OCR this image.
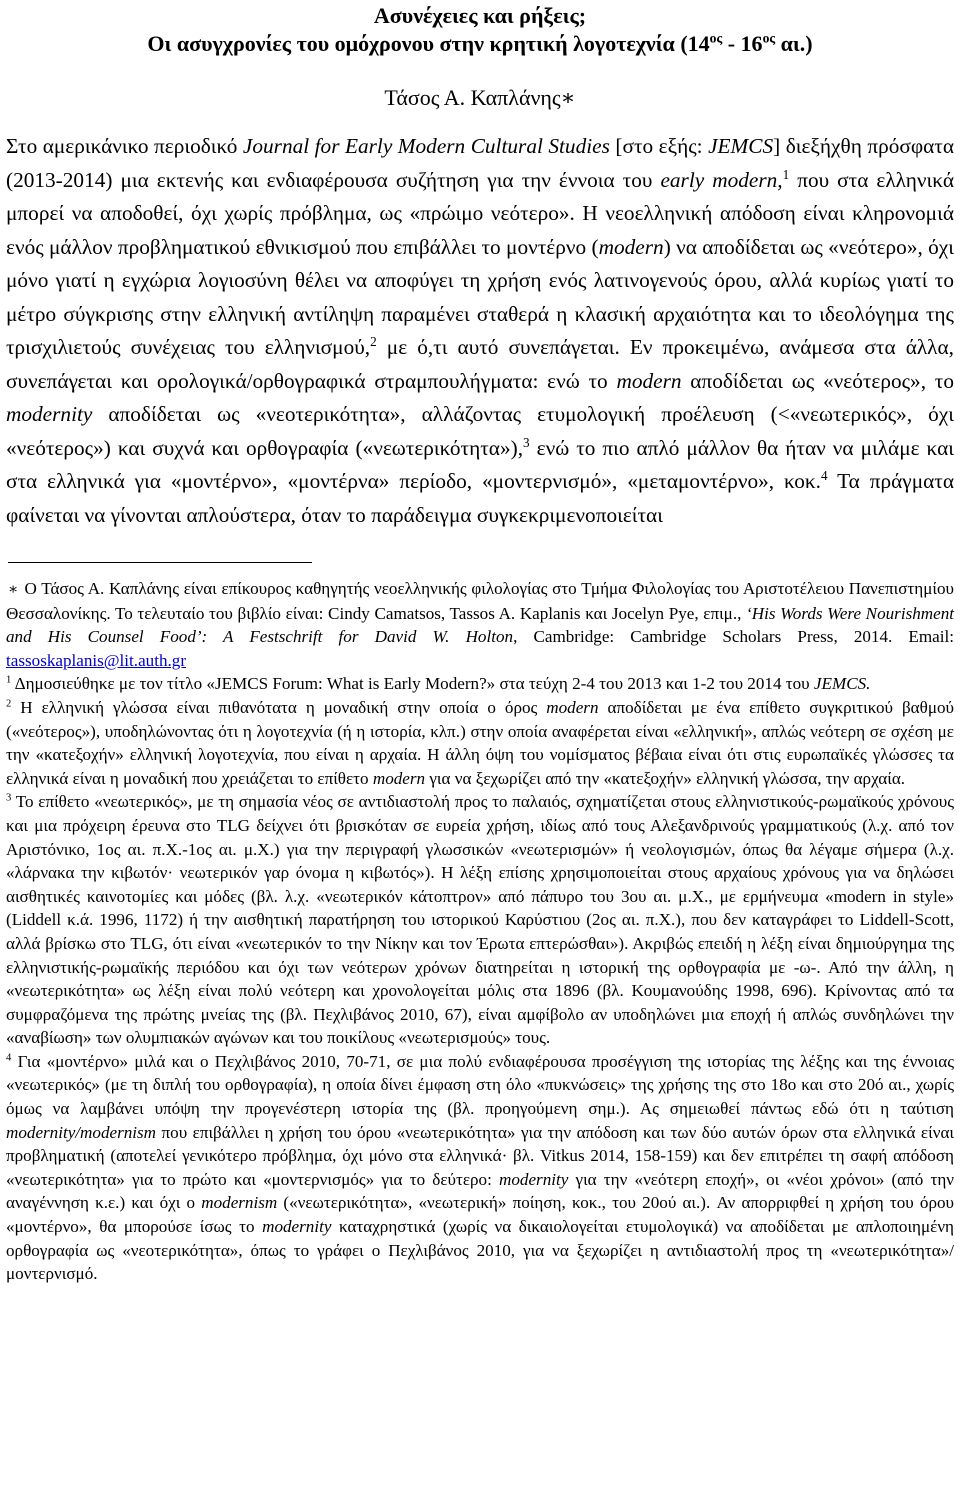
Ασυνέχειες και ρήξεις;
Οι ασυγχρονίες του ομόχρονου στην κρητική λογοτεχνία ($14^{o\varsigma} - 16^{o\varsigma}$ αι.)
Τάσος Α. Καπλάνης∗
Στο αμερικάνικο περιοδικό Journal for Early Modern Cultural Studies [στο εξής: JEMCS] διεξήχθη πρόσφατα (2013-2014) μια εκτενής και ενδιαφέρουσα συζήτηση για την έννοια του early modern,$^1$ που στα ελληνικά μπορεί να αποδοθεί, όχι χωρίς πρόβλημα, ως «πρώιμο νεότερο». Η νεοελληνική απόδοση είναι κληρονομιά ενός μάλλον προβληματικού εθνικισμού που επιβάλλει το μοντέρνο (modern) να αποδίδεται ως «νεότερο», όχι μόνο γιατί η εγχώρια λογιοσύνη θέλει να αποφύγει τη χρήση ενός λατινογενούς όρου, αλλά κυρίως γιατί το μέτρο σύγκρισης στην ελληνική αντίληψη παραμένει σταθερά η κλασική αρχαιότητα και το ιδεολόγημα της τρισχιλιετούς συνέχειας του ελληνισμού,$^2$ με ό,τι αυτό συνεπάγεται. Εν προκειμένω, ανάμεσα στα άλλα, συνεπάγεται και ορολογικά/ορθογραφικά στραμπουλήγματα: ενώ το modern αποδίδεται ως «νεότερος», το modernity αποδίδεται ως «νεοτερικότητα», αλλάζοντας ετυμολογική προέλευση (<«νεωτερικός», όχι «νεότερος») και συχνά και ορθογραφία («νεωτερικότητα»),$^3$ ενώ το πιο απλό μάλλον θα ήταν να μιλάμε και στα ελληνικά για «μοντέρνο», «μοντέρνα» περίοδο, «μοντερνισμό», «μεταμοντέρνο», κοκ.$^4$ Τα πράγματα φαίνεται να γίνονται απλούστερα, όταν το παράδειγμα συγκεκριμενοποιείται

∗ Ο Τάσος Α. Καπλάνης είναι επίκουρος καθηγητής νεοελληνικής φιλολογίας στο Τμήμα Φιλολογίας του Αριστοτέλειου Πανεπιστημίου Θεσσαλονίκης. Το τελευταίο του βιβλίο είναι: Cindy Camatsos, Tassos A. Kaplanis και Jocelyn Pye, επιμ., ‘His Words Were Nourishment and His Counsel Food’: A Festschrift for David W. Holton, Cambridge: Cambridge Scholars Press, 2014. Email: tassoskaplanis@lit.auth.gr

$^1$ Δημοσιεύθηκε με τον τίτλο «JEMCS Forum: What is Early Modern?» στα τεύχη 2-4 του 2013 και 1-2 του 2014 του JEMCS.

$^2$ Η ελληνική γλώσσα είναι πιθανότατα η μοναδική στην οποία ο όρος modern αποδίδεται με ένα επίθετο συγκριτικού βαθμού («νεότερος»), υποδηλώνοντας ότι η λογοτεχνία (ή η ιστορία, κλπ.) στην οποία αναφέρεται είναι «ελληνική», απλώς νεότερη σε σχέση με την «κατεξοχήν» ελληνική λογοτεχνία, που είναι η αρχαία. Η άλλη όψη του νομίσματος βέβαια είναι ότι στις ευρωπαϊκές γλώσσες τα ελληνικά είναι η μοναδική που χρειάζεται το επίθετο modern για να ξεχωρίζει από την «κατεξοχήν» ελληνική γλώσσα, την αρχαία.

$^3$ Το επίθετο «νεωτερικός», με τη σημασία νέος σε αντιδιαστολή προς το παλαιός, σχηματίζεται στους ελληνιστικούς-ρωμαϊκούς χρόνους και μια πρόχειρη έρευνα στο TLG δείχνει ότι βρισκόταν σε ευρεία χρήση, ιδίως από τους Αλεξανδρινούς γραμματικούς (λ.χ. από τον Αριστόνικο, 1ος αι. π.Χ.-1ος αι. μ.Χ.) για την περιγραφή γλωσσικών «νεωτερισμών» ή νεολογισμών, όπως θα λέγαμε σήμερα (λ.χ. «λάρνακα την κιβωτόν· νεωτερικόν γαρ όνομα η κιβωτός»). Η λέξη επίσης χρησιμοποιείται στους αρχαίους χρόνους για να δηλώσει αισθητικές καινοτομίες και μόδες (βλ. λ.χ. «νεωτερικόν κάτοπτρον» από πάπυρο του 3ου αι. μ.Χ., με ερμήνευμα «modern in style» (Liddell κ.ά. 1996, 1172) ή την αισθητική παρατήρηση του ιστορικού Καρύστιου (2ος αι. π.Χ.), που δεν καταγράφει το Liddell-Scott, αλλά βρίσκω στο TLG, ότι είναι «νεωτερικόν το την Νίκην και τον Έρωτα επτερώσθαι»). Ακριβώς επειδή η λέξη είναι δημιούργημα της ελληνιστικής-ρωμαϊκής περιόδου και όχι των νεότερων χρόνων διατηρείται η ιστορική της ορθογραφία με -ω-. Από την άλλη, η «νεωτερικότητα» ως λέξη είναι πολύ νεότερη και χρονολογείται μόλις στα 1896 (βλ. Κουμανούδης 1998, 696). Κρίνοντας από τα συμφραζόμενα της πρώτης μνείας της (βλ. Πεχλιβάνος 2010, 67), είναι αμφίβολο αν υποδηλώνει μια εποχή ή απλώς συνδηλώνει την «αναβίωση» των ολυμπιακών αγώνων και του ποικίλους «νεωτερισμούς» τους.

$^4$ Για «μοντέρνο» μιλά και ο Πεχλιβάνος 2010, 70-71, σε μια πολύ ενδιαφέρουσα προσέγγιση της ιστορίας της λέξης και της έννοιας «νεωτερικός» (με τη διπλή του ορθογραφία), η οποία δίνει έμφαση στη όλο «πυκνώσεις» της χρήσης της στο 18ο και στο 20ό αι., χωρίς όμως να λαμβάνει υπόψη την προγενέστερη ιστορία της (βλ. προηγούμενη σημ.). Ας σημειωθεί πάντως εδώ ότι η ταύτιση modernity/modernism που επιβάλλει η χρήση του όρου «νεωτερικότητα» για την απόδοση και των δύο αυτών όρων στα ελληνικά είναι προβληματική (αποτελεί γενικότερο πρόβλημα, όχι μόνο στα ελληνικά· βλ. Vitkus 2014, 158-159) και δεν επιτρέπει τη σαφή απόδοση «νεωτερικότητα» για το πρώτο και «μοντερνισμός» για το δεύτερο: modernity για την «νεότερη εποχή», οι «νέοι χρόνοι» (από την αναγέννηση κ.ε.) και όχι ο modernism («νεωτερικότητα», «νεωτερική» ποίηση, κοκ., του 20ού αι.). Αν απορριφθεί η χρήση του όρου «μοντέρνο», θα μπορούσε ίσως το modernity καταχρηστικά (χωρίς να δικαιολογείται ετυμολογικά) να αποδίδεται με απλοποιημένη ορθογραφία ως «νεοτερικότητα», όπως το γράφει ο Πεχλιβάνος 2010, για να ξεχωρίζει η αντιδιαστολή προς τη «νεωτερικότητα»/μοντερνισμό.
